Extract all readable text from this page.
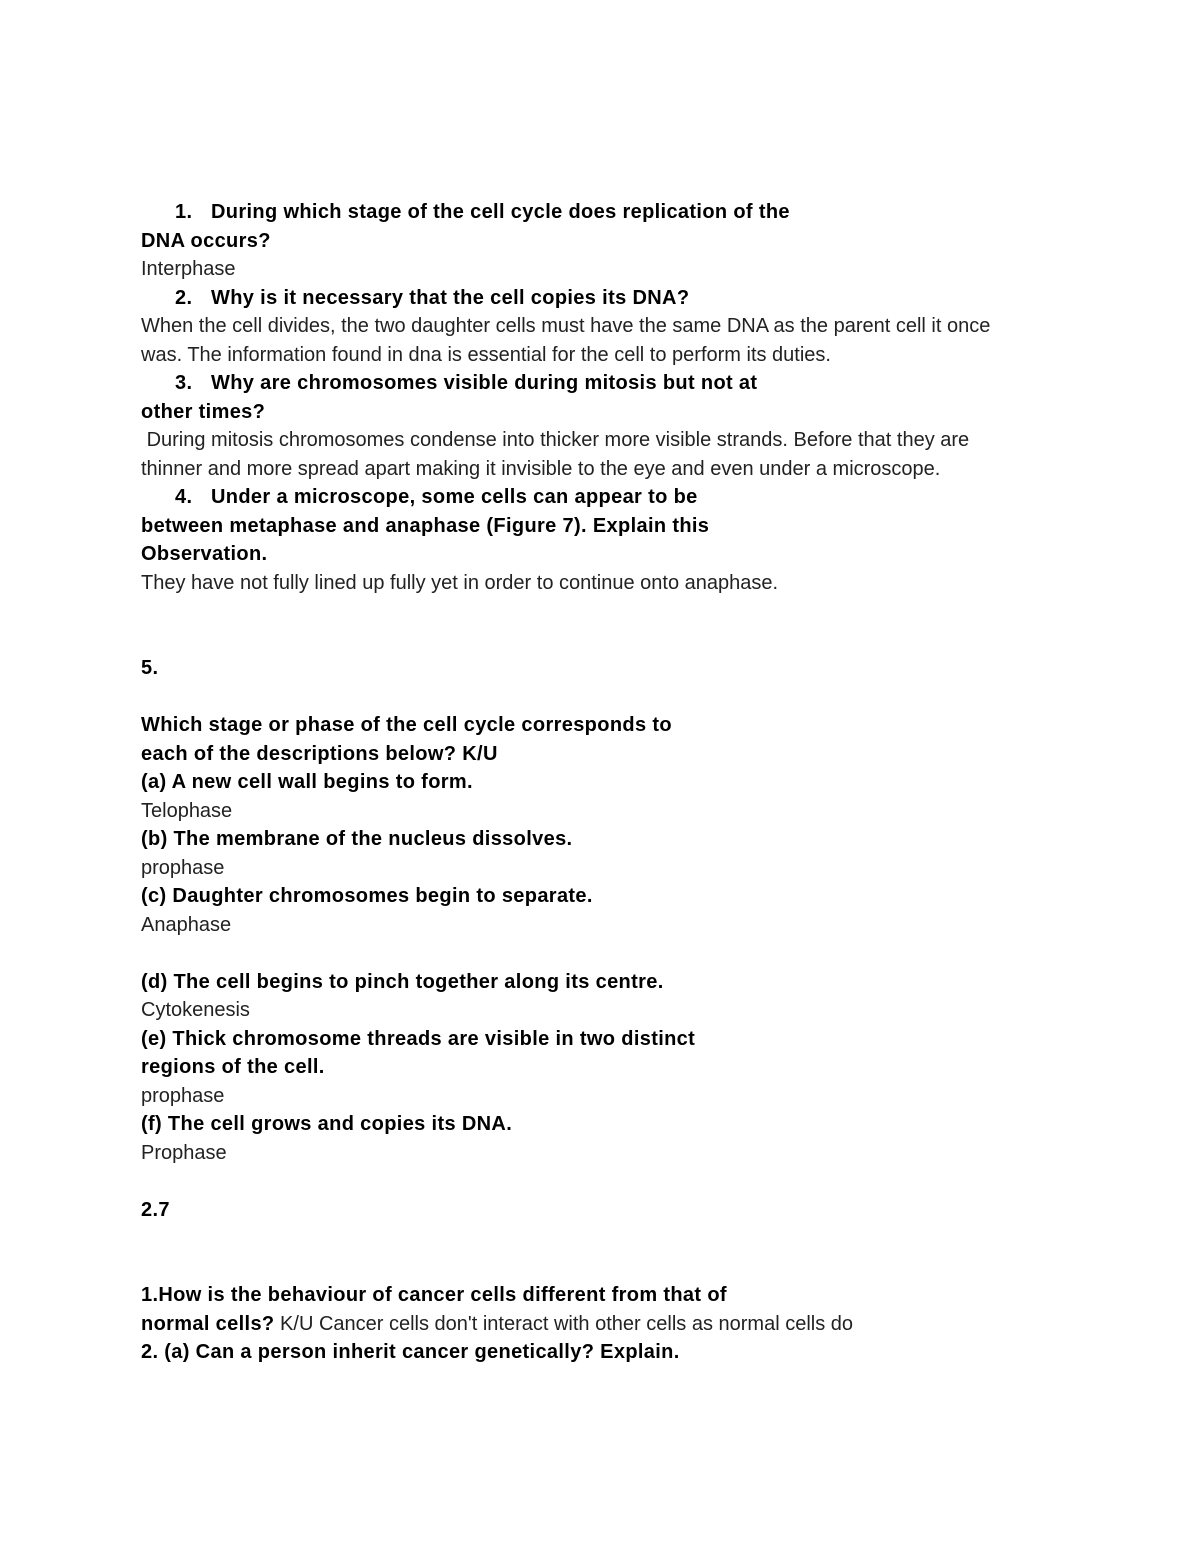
1. During which stage of the cell cycle does replication of the
DNA occurs?
Interphase
2. Why is it necessary that the cell copies its DNA?
When the cell divides, the two daughter cells must have the same DNA as the parent cell it once
was. The information found in dna is essential for the cell to perform its duties.
3. Why are chromosomes visible during mitosis but not at
other times?
During mitosis chromosomes condense into thicker more visible strands. Before that they are
thinner and more spread apart making it invisible to the eye and even under a microscope.
4. Under a microscope, some cells can appear to be
between metaphase and anaphase (Figure 7). Explain this
Observation.
They have not fully lined up fully yet in order to continue onto anaphase.
5.
Which stage or phase of the cell cycle corresponds to
each of the descriptions below? K/U
(a) A new cell wall begins to form.
Telophase
(b) The membrane of the nucleus dissolves.
prophase
(c) Daughter chromosomes begin to separate.
Anaphase
(d) The cell begins to pinch together along its centre.
Cytokenesis
(e) Thick chromosome threads are visible in two distinct
regions of the cell.
prophase
(f) The cell grows and copies its DNA.
Prophase
2.7
1.How is the behaviour of cancer cells different from that of
normal cells? K/U Cancer cells don't interact with other cells as normal cells do
2. (a) Can a person inherit cancer genetically? Explain.
